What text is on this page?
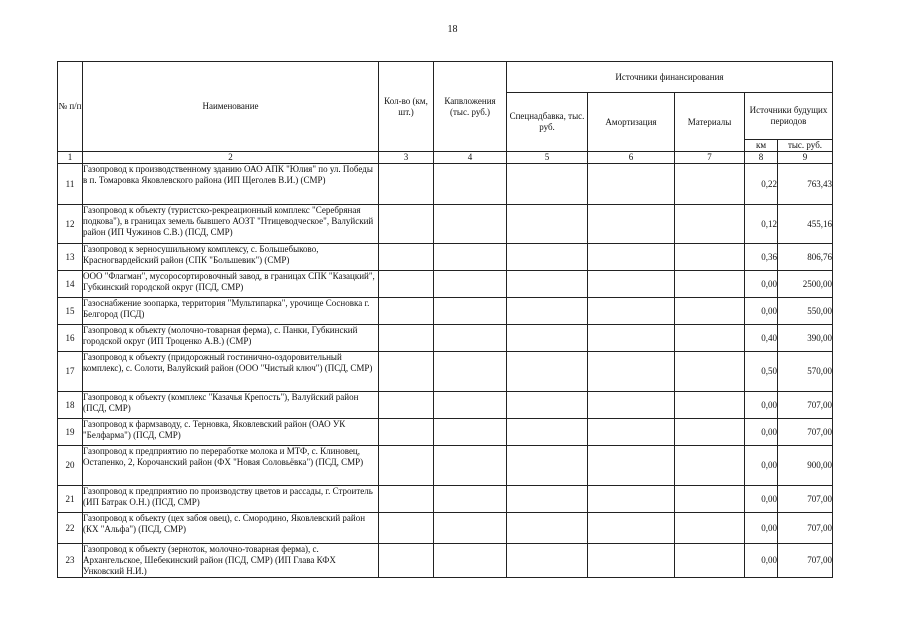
18
№ п/п	Наименование	Кол-во (км, шт.)	Капвложения (тыс. руб.)	Источники финансирования				
				Спецнадбавка, тыс. руб.	Амортизация	Материалы	Источники будущих периодов	
							км	тыс. руб.
1	2	3	4	5	6	7	8	9
11	Газопровод к производственному зданию ОАО АПК "Юлия" по ул. Победы в п. Томаровка Яковлевского района (ИП Щеголев В.И.) (СМР)						0,22	763,43
12	Газопровод к объекту (туристско-рекреационный комплекс "Серебряная подкова"), в границах земель бывшего АОЗТ "Птицеводческое", Валуйский район (ИП Чужинов С.В.) (ПСД, СМР)						0,12	455,16
13	Газопровод к зерносушильному комплексу, с. Большебыково, Красногвардейский район (СПК "Большевик") (СМР)						0,36	806,76
14	ООО "Флагман", мусоросортировочный завод, в границах СПК "Казацкий", Губкинский городской округ (ПСД, СМР)						0,00	2500,00
15	Газоснабжение зоопарка, территория "Мультипарка", урочище Сосновка г. Белгород (ПСД)						0,00	550,00
16	Газопровод к объекту (молочно-товарная ферма), с. Панки, Губкинский городской округ (ИП Троценко А.В.) (СМР)						0,40	390,00
17	Газопровод к объекту (придорожный гостинично-оздоровительный комплекс), с. Солоти, Валуйский район (ООО "Чистый ключ") (ПСД, СМР)						0,50	570,00
18	Газопровод к объекту (комплекс "Казачья Крепость"), Валуйский район (ПСД, СМР)						0,00	707,00
19	Газопровод к фармзаводу, с. Терновка, Яковлевский район (ОАО УК "Белфарма") (ПСД, СМР)						0,00	707,00
20	Газопровод к предприятию по переработке молока и МТФ, с. Клиновец, Остапенко, 2, Корочанский район (ФХ "Новая Соловьёвка") (ПСД, СМР)						0,00	900,00
21	Газопровод к предприятию по производству цветов и рассады, г. Строитель (ИП Батрак О.Н.) (ПСД, СМР)						0,00	707,00
22	Газопровод к объекту (цех забоя овец), с. Смородино, Яковлевский район (КХ "Альфа") (ПСД, СМР)						0,00	707,00
23	Газопровод к объекту (зерноток, молочно-товарная ферма), с. Архангельское, Шебекинский район (ПСД, СМР) (ИП Глава КФХ Унковский Н.И.)						0,00	707,00
